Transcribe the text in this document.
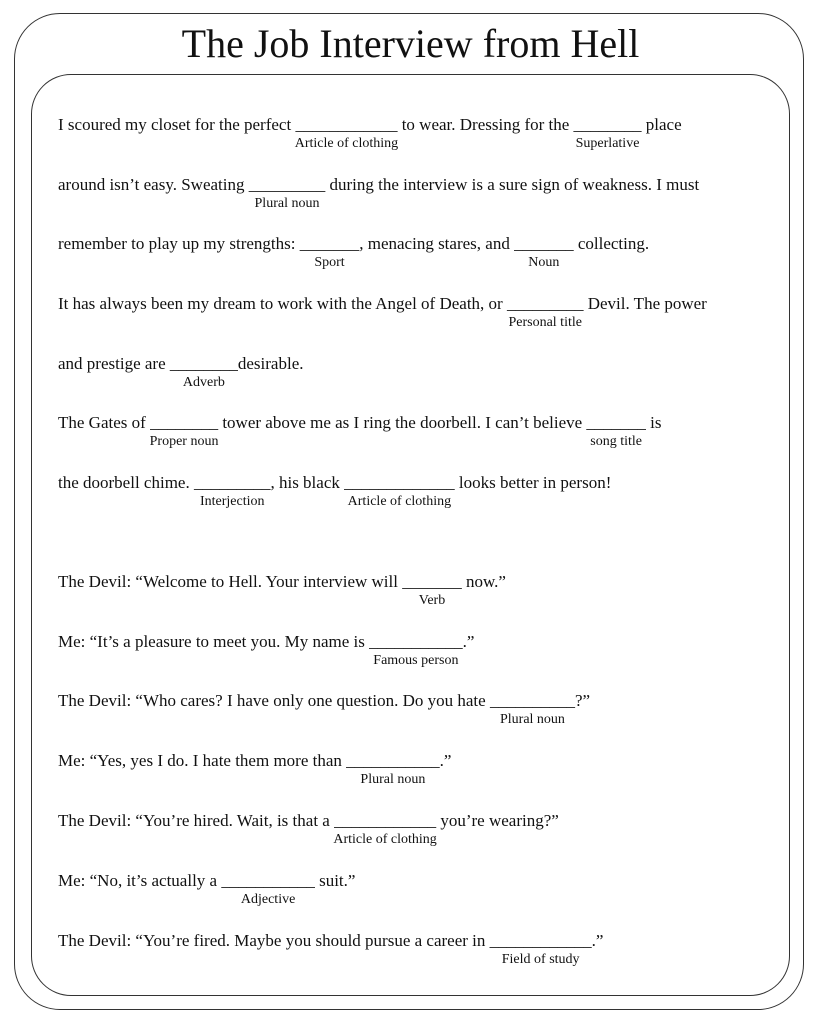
The Job Interview from Hell
I scoured my closet for the perfect ____________
Article of clothing
to wear. Dressing for the ________
Superlative
place
around isn’t easy. Sweating _________
Plural noun
during the interview is a sure sign of weakness. I must
remember to play up my strengths: _______
Sport
, menacing stares, and _______
Noun
collecting.
It has always been my dream to work with the Angel of Death, or _________
Personal title
Devil. The power
and prestige are ________
Adverb
desirable.
The Gates of ________
Proper noun
tower above me as I ring the doorbell. I can’t believe _______
song title
is
the doorbell chime. _________
Interjection
, his black _____________
Article of clothing
looks better in person!
The Devil: “Welcome to Hell. Your interview will _______
Verb
now.”
Me: “It’s a pleasure to meet you. My name is ___________
Famous person
.”
The Devil: “Who cares? I have only one question. Do you hate __________
Plural noun
?”
Me: “Yes, yes I do. I hate them more than ___________
Plural noun
.”
The Devil: “You’re hired. Wait, is that a ____________
Article of clothing
you’re wearing?”
Me: “No, it’s actually a ___________
Adjective
suit.”
The Devil: “You’re fired. Maybe you should pursue a career in ____________
Field of study
.”
